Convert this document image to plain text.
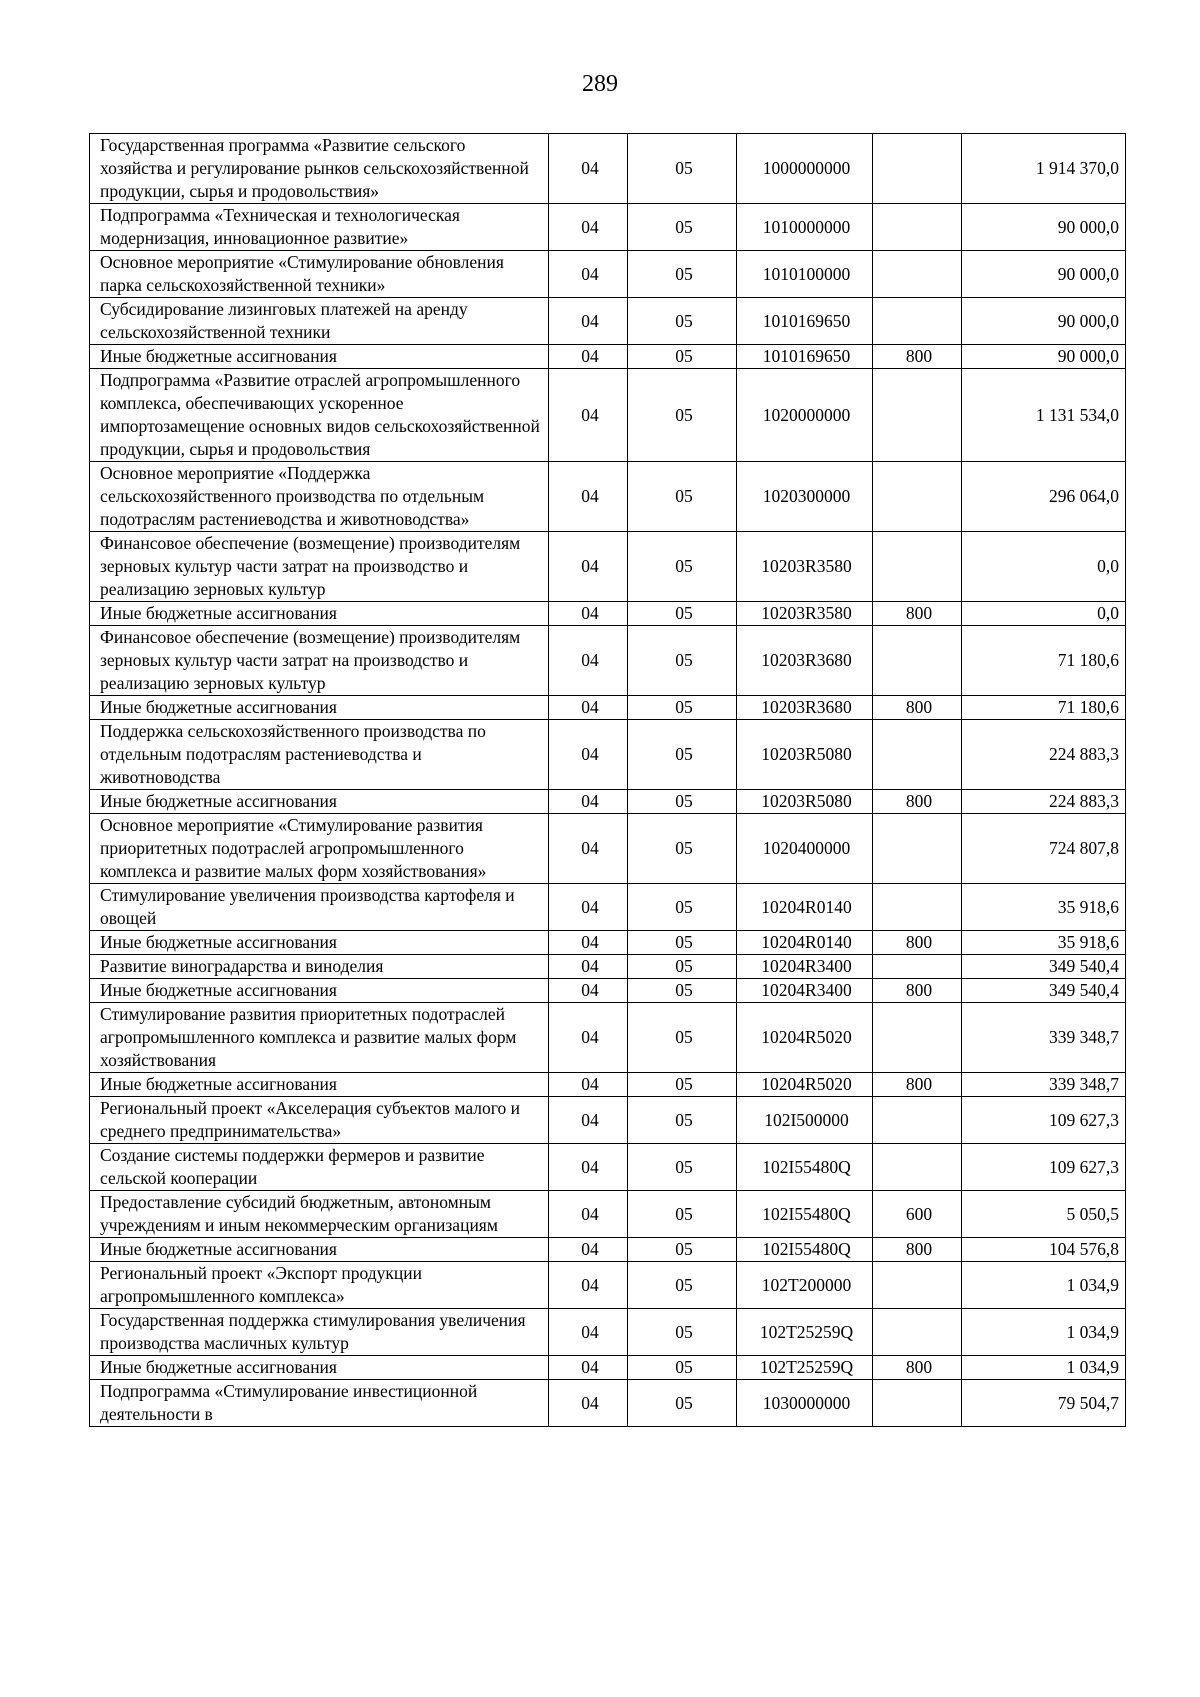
289
Государственная программа «Развитие сельского хозяйства и регулирование рынков сельскохозяйственной продукции, сырья и продовольствия»	04	05	1000000000		1 914 370,0
Подпрограмма «Техническая и технологическая модернизация, инновационное развитие»	04	05	1010000000		90 000,0
Основное мероприятие «Стимулирование обновления парка сельскохозяйственной техники»	04	05	1010100000		90 000,0
Субсидирование лизинговых платежей на аренду сельскохозяйственной техники	04	05	1010169650		90 000,0
Иные бюджетные ассигнования	04	05	1010169650	800	90 000,0
Подпрограмма «Развитие отраслей агропромышленного комплекса, обеспечивающих ускоренное импортозамещение основных видов сельскохозяйственной продукции, сырья и продовольствия	04	05	1020000000		1 131 534,0
Основное мероприятие «Поддержка сельскохозяйственного производства по отдельным подотраслям растениеводства и животноводства»	04	05	1020300000		296 064,0
Финансовое обеспечение (возмещение) производителям зерновых культур части затрат на производство и реализацию зерновых культур	04	05	10203R3580		0,0
Иные бюджетные ассигнования	04	05	10203R3580	800	0,0
Финансовое обеспечение (возмещение) производителям зерновых культур части затрат на производство и реализацию зерновых культур	04	05	10203R3680		71 180,6
Иные бюджетные ассигнования	04	05	10203R3680	800	71 180,6
Поддержка сельскохозяйственного производства по отдельным подотраслям растениеводства и животноводства	04	05	10203R5080		224 883,3
Иные бюджетные ассигнования	04	05	10203R5080	800	224 883,3
Основное мероприятие «Стимулирование развития приоритетных подотраслей агропромышленного комплекса и развитие малых форм хозяйствования»	04	05	1020400000		724 807,8
Стимулирование увеличения производства картофеля и овощей	04	05	10204R0140		35 918,6
Иные бюджетные ассигнования	04	05	10204R0140	800	35 918,6
Развитие виноградарства и виноделия	04	05	10204R3400		349 540,4
Иные бюджетные ассигнования	04	05	10204R3400	800	349 540,4
Стимулирование развития приоритетных подотраслей агропромышленного комплекса и развитие малых форм хозяйствования	04	05	10204R5020		339 348,7
Иные бюджетные ассигнования	04	05	10204R5020	800	339 348,7
Региональный проект «Акселерация субъектов малого и среднего предпринимательства»	04	05	102I500000		109 627,3
Создание системы поддержки фермеров и развитие сельской кооперации	04	05	102I55480Q		109 627,3
Предоставление субсидий бюджетным, автономным учреждениям и иным некоммерческим организациям	04	05	102I55480Q	600	5 050,5
Иные бюджетные ассигнования	04	05	102I55480Q	800	104 576,8
Региональный проект «Экспорт продукции агропромышленного комплекса»	04	05	102T200000		1 034,9
Государственная поддержка стимулирования увеличения производства масличных культур	04	05	102T25259Q		1 034,9
Иные бюджетные ассигнования	04	05	102T25259Q	800	1 034,9
Подпрограмма «Стимулирование инвестиционной деятельности в	04	05	1030000000		79 504,7
